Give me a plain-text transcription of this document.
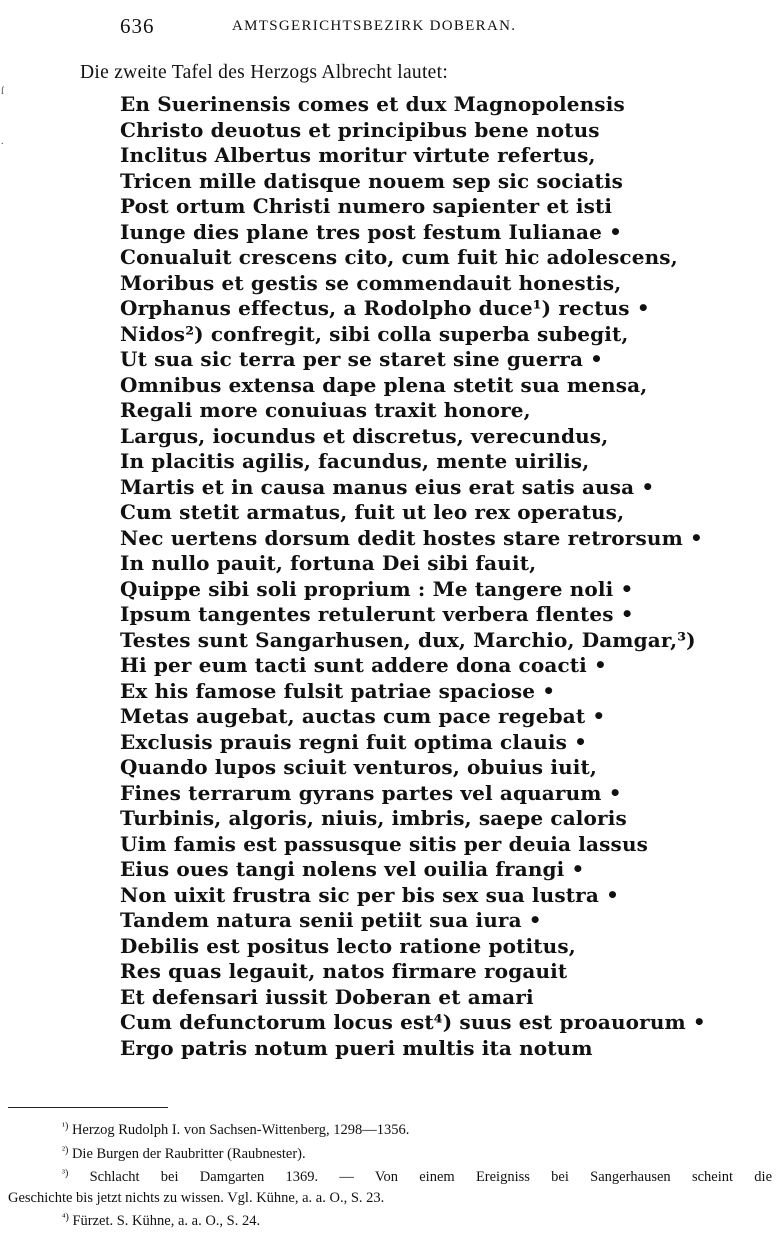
636	AMTSGERICHTSBEZIRK DOBERAN.
ſ
.
Die zweite Tafel des Herzogs Albrecht lautet:
En Suerinensis comes et dux Magnopolensis
Christo deuotus et principibus bene notus
Inclitus Albertus moritur virtute refertus,
Tricen mille datisque nouem sep sic sociatis
Post ortum Christi numero sapienter et isti
Iunge dies plane tres post festum Iulianae •
Conualuit crescens cito, cum fuit hic adolescens,
Moribus et gestis se commendauit honestis,
Orphanus effectus, a Rodolpho duce¹) rectus •
Nidos²) confregit, sibi colla superba subegit,
Ut sua sic terra per se staret sine guerra •
Omnibus extensa dape plena stetit sua mensa,
Regali more conuiuas traxit honore,
Largus, iocundus et discretus, verecundus,
In placitis agilis, facundus, mente uirilis,
Martis et in causa manus eius erat satis ausa •
Cum stetit armatus, fuit ut leo rex operatus,
Nec uertens dorsum dedit hostes stare retrorsum •
In nullo pauit, fortuna Dei sibi fauit,
Quippe sibi soli proprium : Me tangere noli •
Ipsum tangentes retulerunt verbera flentes •
Testes sunt Sangarhusen, dux, Marchio, Damgar,³)
Hi per eum tacti sunt addere dona coacti •
Ex his famose fulsit patriae spaciose •
Metas augebat, auctas cum pace regebat •
Exclusis prauis regni fuit optima clauis •
Quando lupos sciuit venturos, obuius iuit,
Fines terrarum gyrans partes vel aquarum •
Turbinis, algoris, niuis, imbris, saepe caloris
Uim famis est passusque sitis per deuia lassus
Eius oues tangi nolens vel ouilia frangi •
Non uixit frustra sic per bis sex sua lustra •
Tandem natura senii petiit sua iura •
Debilis est positus lecto ratione potitus,
Res quas legauit, natos firmare rogauit
Et defensari iussit Doberan et amari
Cum defunctorum locus est⁴) suus est proauorum •
Ergo patris notum pueri multis ita notum

$^{^1)}$ Herzog Rudolph I. von Sachsen-Wittenberg, 1298—1356.

$^{^2)}$ Die Burgen der Raubritter (Raubnester).

$^{^3)}$ Schlacht bei Damgarten 1369. — Von einem Ereigniss bei Sangerhausen scheint die

Geschichte bis jetzt nichts zu wissen. Vgl. Kühne, a. a. O., S. 23.

$^{^4)}$ Fürzet. S. Kühne, a. a. O., S. 24.
